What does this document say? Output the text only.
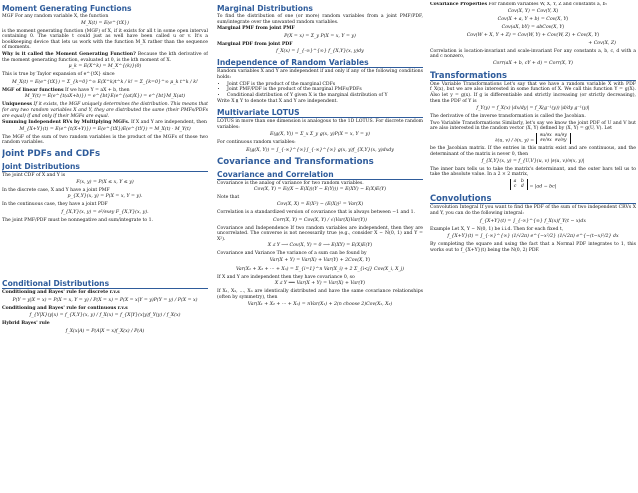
Moment Generating Functions
MGF For any random variable X, the function
M_X(t) = E(e^{tX})
is the moment generating function (MGF) of X, if it exists for all t in some open interval containing 0. The variable t could just as well have been called u or v. It's a bookkeeping device that lets us work with the function M_X rather than the sequence of moments.
Why is it called the Moment Generating Function? Because the kth derivative of the moment generating function, evaluated at 0, is the kth moment of X.
μ_k = E(X^k) = M_X^{(k)}(0)
This is true by Taylor expansion of e^{tX} since
M_X(t) = E(e^{tX}) = Σ_{k=0}^∞ E(X^k)t^k / k! = Σ_{k=0}^∞ μ_k t^k / k!
MGF of linear functions If we have Y = aX + b, then
M_Y(t) = E(e^{t(aX+b)}) = e^{bt}E(e^{(at)X}) = e^{bt}M_X(at)
Uniqueness If it exists, the MGF uniquely determines the distribution. This means that for any two random variables X and Y, they are distributed the same (their PMFs/PDFs are equal) if and only if their MGFs are equal.
Summing Independent RVs by Multiplying MGFs. If X and Y are independent, then
M_{X+Y}(t) = E(e^{t(X+Y)}) = E(e^{tX})E(e^{tY}) = M_X(t) · M_Y(t)
The MGF of the sum of two random variables is the product of the MGFs of those two random variables.
Joint PDFs and CDFs
Joint Distributions
The joint CDF of X and Y is
F(x, y) = P(X ≤ x, Y ≤ y)
In the discrete case, X and Y have a joint PMF
p_{X,Y}(x, y) = P(X = x, Y = y).
In the continuous case, they have a joint PDF
f_{X,Y}(x, y) = ∂²/∂x∂y F_{X,Y}(x, y).
The joint PMF/PDF must be nonnegative and sum/integrate to 1.
Conditional Distributions
Conditioning and Bayes' rule for discrete r.v.s
P(Y = y|X = x) = P(X = x, Y = y) / P(X = x) = P(X = x|Y = y)P(Y = y) / P(X = x)
Conditioning and Bayes' rule for continuous r.v.s
f_{Y|X}(y|x) = f_{X,Y}(x, y) / f_X(x) = f_{X|Y}(x|y)f_Y(y) / f_X(x)
Hybrid Bayes' rule
f_X(x|A) = P(A|X = x)f_X(x) / P(A)
Marginal Distributions
To find the distribution of one (or more) random variables from a joint PMF/PDF, sum/integrate over the unwanted random variables.
Marginal PMF from joint PMF
P(X = x) = Σ_y P(X = x, Y = y)
Marginal PDF from joint PDF
f_X(x) = ∫_{-∞}^{∞} f_{X,Y}(x, y)dy
Independence of Random Variables
Random variables X and Y are independent if and only if any of the following conditions holds:
• Joint CDF is the product of the marginal CDFs
• Joint PMF/PDF is the product of the marginal PMFs/PDFs
• Conditional distribution of Y given X is the marginal distribution of Y
Write X ⫫ Y to denote that X and Y are independent.
Multivariate LOTUS
LOTUS in more than one dimension is analogous to the 1D LOTUS. For discrete random variables:
E(g(X, Y)) = Σ_x Σ_y g(x, y)P(X = x, Y = y)
For continuous random variables:
E(g(X, Y)) = ∫_{-∞}^{∞}∫_{-∞}^{∞} g(x, y)f_{X,Y}(x, y)dxdy
Covariance and Transformations
Covariance and Correlation
Covariance is the analog of variance for two random variables.
Cov(X, Y) = E((X − E(X))(Y − E(Y))) = E(XY) − E(X)E(Y)
Note that
Cov(X, X) = E(X²) − (E(X))² = Var(X)
Correlation is a standardized version of covariance that is always between −1 and 1.
Corr(X, Y) = Cov(X, Y) / √(Var(X)Var(Y))
Covariance and Independence If two random variables are independent, then they are uncorrelated. The converse is not necessarily true (e.g., consider X ∼ N(0, 1) and Y = X²).
X ⫫ Y ⟶ Cov(X, Y) = 0 ⟶ E(XY) = E(X)E(Y)
Covariance and Variance The variance of a sum can be found by
Var(X + Y) = Var(X) + Var(Y) + 2Cov(X, Y)
Var(X₁ + X₂ + ··· + Xₙ) = Σ_{i=1}^n Var(X_i) + 2 Σ_{i<j} Cov(X_i, X_j)
If X and Y are independent then they have covariance 0, so
X ⫫ Y ⟹ Var(X + Y) = Var(X) + Var(Y)
If X₁, X₂, ..., Xₙ are identically distributed and have the same covariance relationships (often by symmetry), then
Var(X₁ + X₂ + ··· + Xₙ) = nVar(X₁) + 2(n choose 2)Cov(X₁, X₂)
Covariance Properties For random variables W, X, Y, Z and constants a, b:
Cov(X, Y) = Cov(Y, X)
Cov(X + a, Y + b) = Cov(X, Y)
Cov(aX, bY) = abCov(X, Y)
Cov(W + X, Y + Z) = Cov(W, Y) + Cov(W, Z) + Cov(X, Y)
+ Cov(X, Z)
Correlation is location-invariant and scale-invariant For any constants a, b, c, d with a and c nonzero,
Corr(aX + b, cY + d) = Corr(X, Y)
Transformations
One Variable Transformations Let's say that we have a random variable X with PDF f_X(x), but we are also interested in some function of X. We call this function Y = g(X). Also let y = g(x). If g is differentiable and strictly increasing (or strictly decreasing), then the PDF of Y is
f_Y(y) = f_X(x) |dx/dy| = f_X(g⁻¹(y)) |d/dy g⁻¹(y)|
The derivative of the inverse transformation is called the Jacobian.
Two Variable Transformations Similarly, let's say we know the joint PDF of U and V but are also interested in the random vector (X, Y) defined by (X, Y) = g(U, V). Let
∂(u, v) / ∂(x, y) = ∂u/∂x ∂u/∂y
∂v/∂x ∂v/∂y
be the Jacobian matrix. If the entries in this matrix exist and are continuous, and the determinant of the matrix is never 0, then
f_{X,Y}(x, y) = f_{U,V}(u, v) |∂(u, v)/∂(x, y)|
The inner bars tells us to take the matrix's determinant, and the outer bars tell us to take the absolute value. In a 2 × 2 matrix,
a b
c d = |ad − bc|
Convolutions
Convolution Integral If you want to find the PDF of the sum of two independent CRVs X and Y, you can do the following integral:
f_{X+Y}(t) = ∫_{-∞}^{∞} f_X(x)f_Y(t − x)dx
Example Let X, Y ∼ N(0, 1) be i.i.d. Then for each fixed t,
f_{X+Y}(t) = ∫_{-∞}^{∞} (1/√2π) e^{−x²/2} (1/√2π) e^{−(t−x)²/2} dx
By completing the square and using the fact that a Normal PDF integrates to 1, this works out to f_{X+Y}(t) being the N(0, 2) PDF.
